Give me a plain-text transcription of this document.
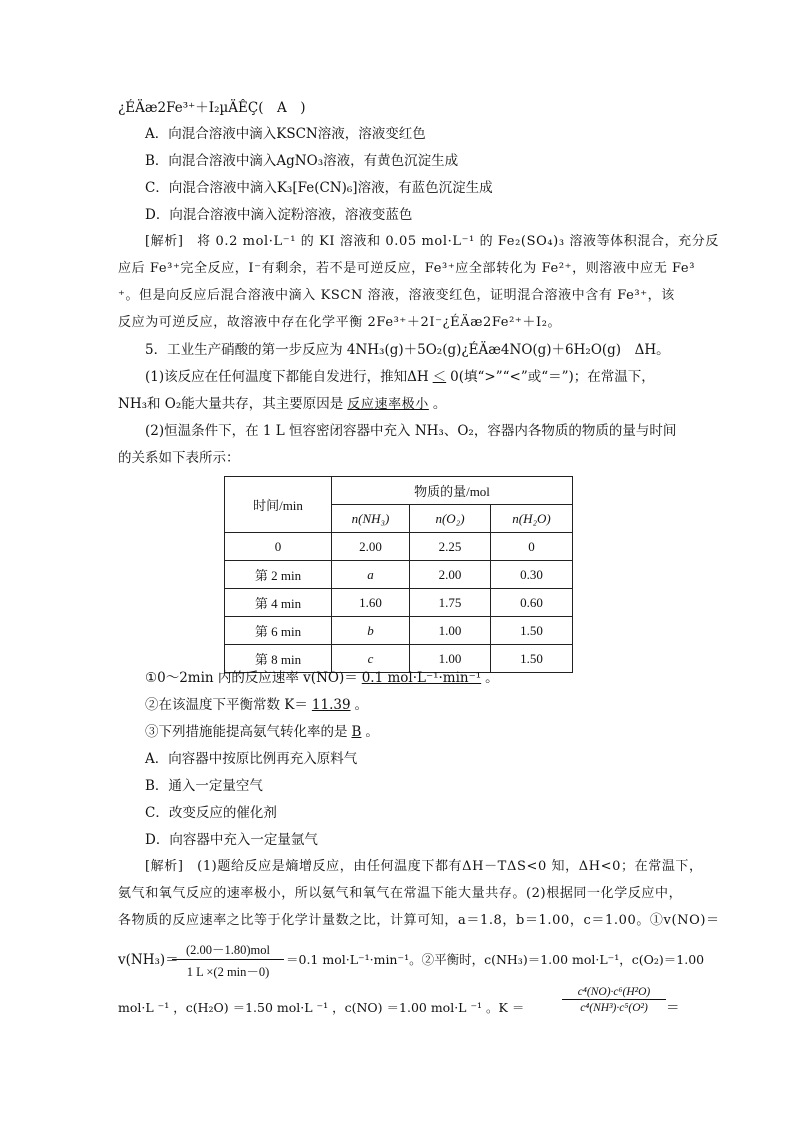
¿ÉÄæ2Fe³⁺＋I₂µÄÊÇ(　A　)
A．向混合溶液中滴入KSCN溶液，溶液变红色
B．向混合溶液中滴入AgNO₃溶液，有黄色沉淀生成
C．向混合溶液中滴入K₃[Fe(CN)₆]溶液，有蓝色沉淀生成
D．向混合溶液中滴入淀粉溶液，溶液变蓝色
[解析]　将 0.2 mol·L⁻¹ 的 KI 溶液和 0.05 mol·L⁻¹ 的 Fe₂(SO₄)₃ 溶液等体积混合，充分反
应后 Fe³⁺完全反应，I⁻有剩余，若不是可逆反应，Fe³⁺应全部转化为 Fe²⁺，则溶液中应无 Fe³
⁺。但是向反应后混合溶液中滴入 KSCN 溶液，溶液变红色，证明混合溶液中含有 Fe³⁺，该
反应为可逆反应，故溶液中存在化学平衡 2Fe³⁺＋2I⁻¿ÉÄæ2Fe²⁺＋I₂。
5．工业生产硝酸的第一步反应为 4NH₃(g)＋5O₂(g)¿ÉÄæ4NO(g)＋6H₂O(g)　ΔH。
(1)该反应在任何温度下都能自发进行，推知ΔH ＜ 0(填“>”“<”或“＝”)；在常温下，
NH₃和 O₂能大量共存，其主要原因是 反应速率极小 。
(2)恒温条件下，在 1 L 恒容密闭容器中充入 NH₃、O₂，容器内各物质的物质的量与时间
的关系如下表所示：
时间/min	物质的量/mol		
	n(NH₃)	n(O₂)	n(H₂O)
0	2.00	2.25	0
第 2 min	a	2.00	0.30
第 4 min	1.60	1.75	0.60
第 6 min	b	1.00	1.50
第 8 min	c	1.00	1.50
①0～2min 内的反应速率 v(NO)＝ 0.1 mol·L⁻¹·min⁻¹ 。
②在该温度下平衡常数 K＝ 11.39 。
③下列措施能提高氨气转化率的是 B 。
A．向容器中按原比例再充入原料气
B．通入一定量空气
C．改变反应的催化剂
D．向容器中充入一定量氩气
[解析]　(1)题给反应是熵增反应，由任何温度下都有ΔH－TΔS<0 知，ΔH<0；在常温下，
氨气和氧气反应的速率极小，所以氨气和氧气在常温下能大量共存。(2)根据同一化学反应中，
各物质的反应速率之比等于化学计量数之比，计算可知，a＝1.8，b＝1.00，c＝1.00。①v(NO)＝
v(NH₃)＝
(2.00－1.80)mol
1 L ×(2 min－0)
＝0.1 mol·L⁻¹·min⁻¹。②平衡时，c(NH₃)＝1.00 mol·L⁻¹，c(O₂)＝1.00
mol·L ⁻¹ ，c(H₂O) ＝1.50 mol·L ⁻¹ ，c(NO) ＝1.00 mol·L ⁻¹ 。K ＝	$\frac{\text{c⁴(NO)·c⁶(H²O)}}{\text{c⁴(NH³)·c⁵(O²)}}$ ＝
